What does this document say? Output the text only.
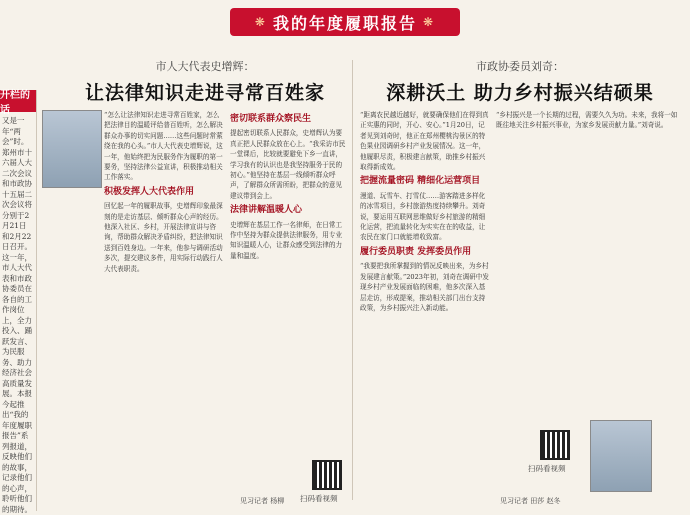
❋ 我的年度履职报告 ❋
开栏的话
又是一年“两会”时。郑州市十六届人大二次会议和市政协十五届二次会议将分别于2月21日和2月22日召开。这一年，市人大代表和市政协委员在各自的工作岗位上，全力投入、踊跃发言、为民服务、助力经济社会高质量发展。本报今起推出“我的年度履职报告”系列报道，反映他们的故事，记录他们的心声，聆听他们的期待。
市人大代表史增辉：
让法律知识走进寻常百姓家
“怎么让法律知识走进寻常百姓家，怎么把法律目的温暖评给普百姓听，怎么解决群众办事的切实问题……这些问题时常萦绕在我的心头。”市人大代表史增辉说，这一年，他始终把为民服务作为履职的第一要务，坚持法律公益宣讲，积极推动相关工作落实。
积极发挥人大代表作用
回忆起一年的履职故事，史增辉印象最深刻的是走访基层、倾听群众心声的经历。他深入社区、乡村，开展法律宣讲与咨询，帮助群众解决矛盾纠纷，把法律知识送到百姓身边。一年来，他参与调研活动多次，提交建议多件，用实际行动践行人大代表职责。
密切联系群众察民生
提起密切联系人民群众，史增辉认为要真正把人民群众放在心上。“我采访市民一堂课后，比较就要避免下乡一直讲，学习我有的认识也是我坚持服务于民的初心。”他坚持在基层一线倾听群众呼声，了解群众所需所盼，把群众的意见建议带到会上。
法律讲解温暖人心
史增辉在基层工作一名律师，在日常工作中坚持为群众提供法律服务，用专业知识温暖人心，让群众感受到法律的力量和温度。
扫码看视频
见习记者 杨柳
市政协委员刘奇：
深耕沃土 助力乡村振兴结硕果
“距离农民越近越好，就要确保他们在得到真正实惠的同时，开心、安心。”1月20日，记者见到刘奇时，他正在郑州樱桃沟景区的特色果业园调研乡村产业发展情况。这一年，他履职尽责，积极建言献策，助推乡村振兴取得新成效。
把握流量密码 精细化运营项目
漫道、玩雪车、打雪仗……游客踏进多样化的冰雪项目，乡村旅游热度持续攀升。刘奇说，要运用互联网思维做好乡村旅游的精细化运营，把流量转化为实实在在的收益，让农民在家门口就能增收致富。
履行委员职责 发挥委员作用
“我要把我所掌握到的情况反映出来，为乡村发展建言献策。”2023年初，刘奇在调研中发现乡村产业发展面临的困难，他多次深入基层走访，形成提案，推动相关部门出台支持政策，为乡村振兴注入新动能。
“乡村振兴是一个长期的过程，需要久久为功。未来，我将一如既往地关注乡村振兴事业，为家乡发展贡献力量。”刘奇说。
扫码看视频
见习记者 田莎 赵冬
